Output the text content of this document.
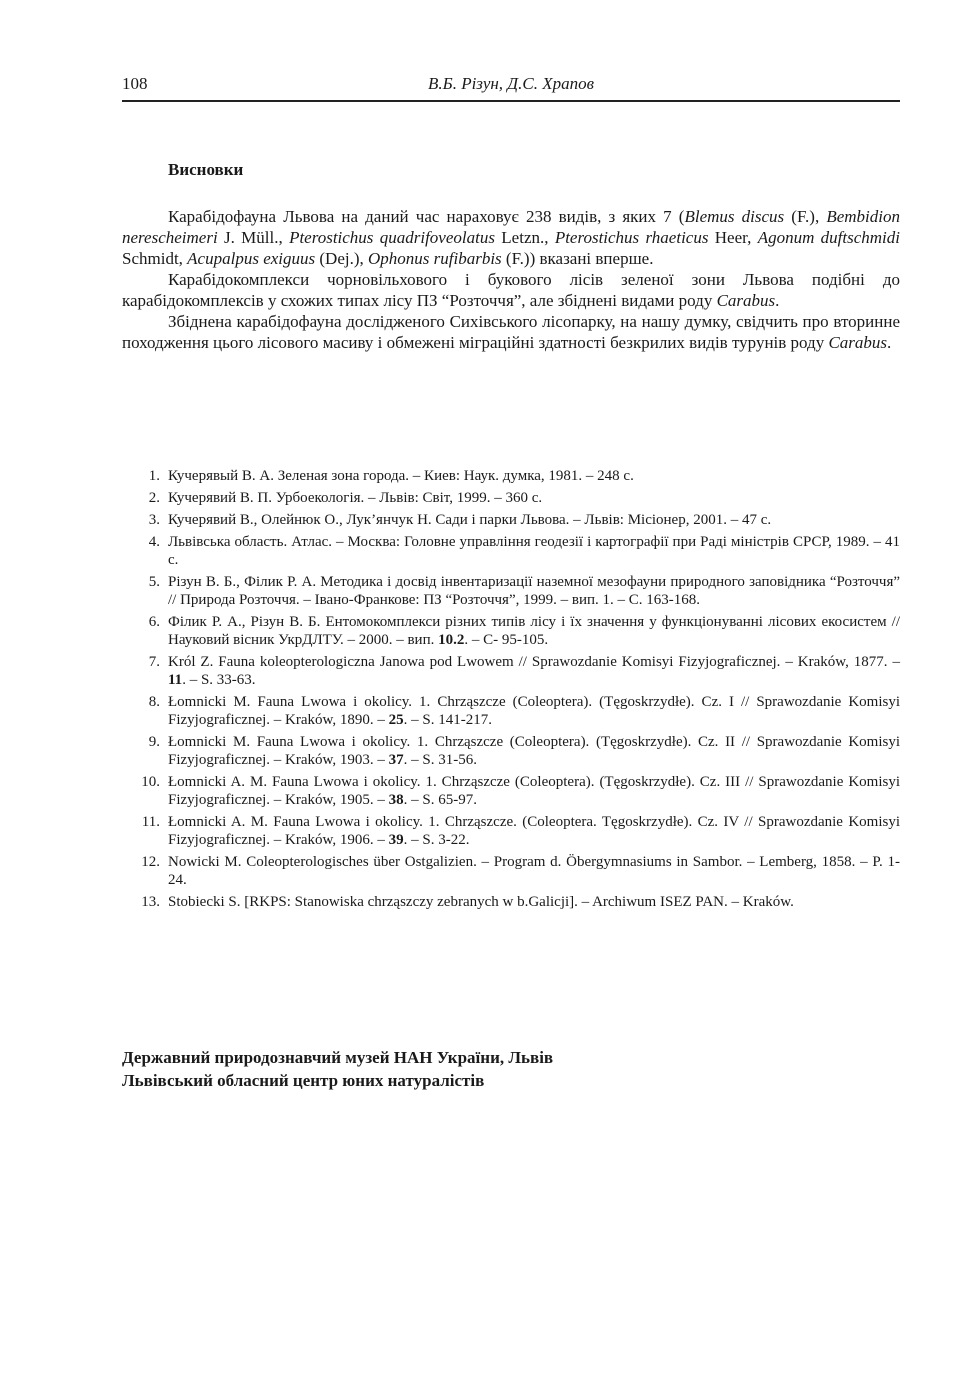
108	В.Б. Різун, Д.С. Храпов
Висновки

Карабідофауна Львова на даний час нараховує 238 видів, з яких 7 (Blemus discus (F.), Bembidion nerescheimeri J. Müll., Pterostichus quadrifoveolatus Letzn., Pterostichus rhaeticus Heer, Agonum duftschmidi Schmidt, Acupalpus exiguus (Dej.), Ophonus rufibarbis (F.)) вказані вперше.

Карабідокомплекси чорновільхового і букового лісів зеленої зони Львова подібні до карабідокомплексів у схожих типах лісу ПЗ “Розточчя”, але збіднені видами роду Carabus.

Збіднена карабідофауна дослідженого Сихівського лісопарку, на нашу думку, свідчить про вторинне походження цього лісового масиву і обмежені міграційні здатності безкрилих видів турунів роду Carabus.

1. Кучерявый В. А. Зеленая зона города. – Киев: Наук. думка, 1981. – 248 с.
2. Кучерявий В. П. Урбоекологія. – Львів: Світ, 1999. – 360 с.
3. Кучерявий В., Олейнюк О., Лук’янчук Н. Сади і парки Львова. – Львів: Місіонер, 2001. – 47 с.
4. Львівська область. Атлас. – Москва: Головне управління геодезії і картографії при Раді міністрів СРСР, 1989. – 41 с.
5. Різун В. Б., Філик Р. А. Методика і досвід інвентаризації наземної мезофауни природного заповідника “Розточчя” // Природа Розточчя. – Івано-Франкове: ПЗ “Розточчя”, 1999. – вип. 1. – С. 163-168.
6. Філик Р. А., Різун В. Б. Ентомокомплекси різних типів лісу і їх значення у функціонуванні лісових екосистем // Науковий вісник УкрДЛТУ. – 2000. – вип. 10.2. – С- 95-105.
7. Król Z. Fauna koleopterologiczna Janowa pod Lwowem // Sprawozdanie Komisyi Fizyjograficznej. – Kraków, 1877. – 11. – S. 33-63.
8. Łomnicki M. Fauna Lwowa i okolicy. 1. Chrząszcze (Coleoptera). (Tęgoskrzydłe). Cz. I // Sprawozdanie Komisyi Fizyjograficznej. – Kraków, 1890. – 25. – S. 141-217.
9. Łomnicki M. Fauna Lwowa i okolicy. 1. Chrząszcze (Coleoptera). (Tęgoskrzydłe). Cz. II // Sprawozdanie Komisyi Fizyjograficznej. – Kraków, 1903. – 37. – S. 31-56.
10. Łomnicki A. M. Fauna Lwowa i okolicy. 1. Chrząszcze (Coleoptera). (Tęgoskrzydłe). Cz. III // Sprawozdanie Komisyi Fizyjograficznej. – Kraków, 1905. – 38. – S. 65-97.
11. Łomnicki A. M. Fauna Lwowa i okolicy. 1. Chrząszcze. (Coleoptera. Tęgoskrzydłe). Cz. IV // Sprawozdanie Komisyi Fizyjograficznej. – Kraków, 1906. – 39. – S. 3-22.
12. Nowicki M. Coleopterologisches über Ostgalizien. – Program d. Öbergymnasiums in Sambor. – Lemberg, 1858. – P. 1-24.
13. Stobiecki S. [RKPS: Stanowiska chrząszczy zebranych w b.Galicji]. – Archiwum ISEZ PAN. – Kraków.
Державний природознавчий музей НАН України, Львів
Львівський обласний центр юних натуралістів
